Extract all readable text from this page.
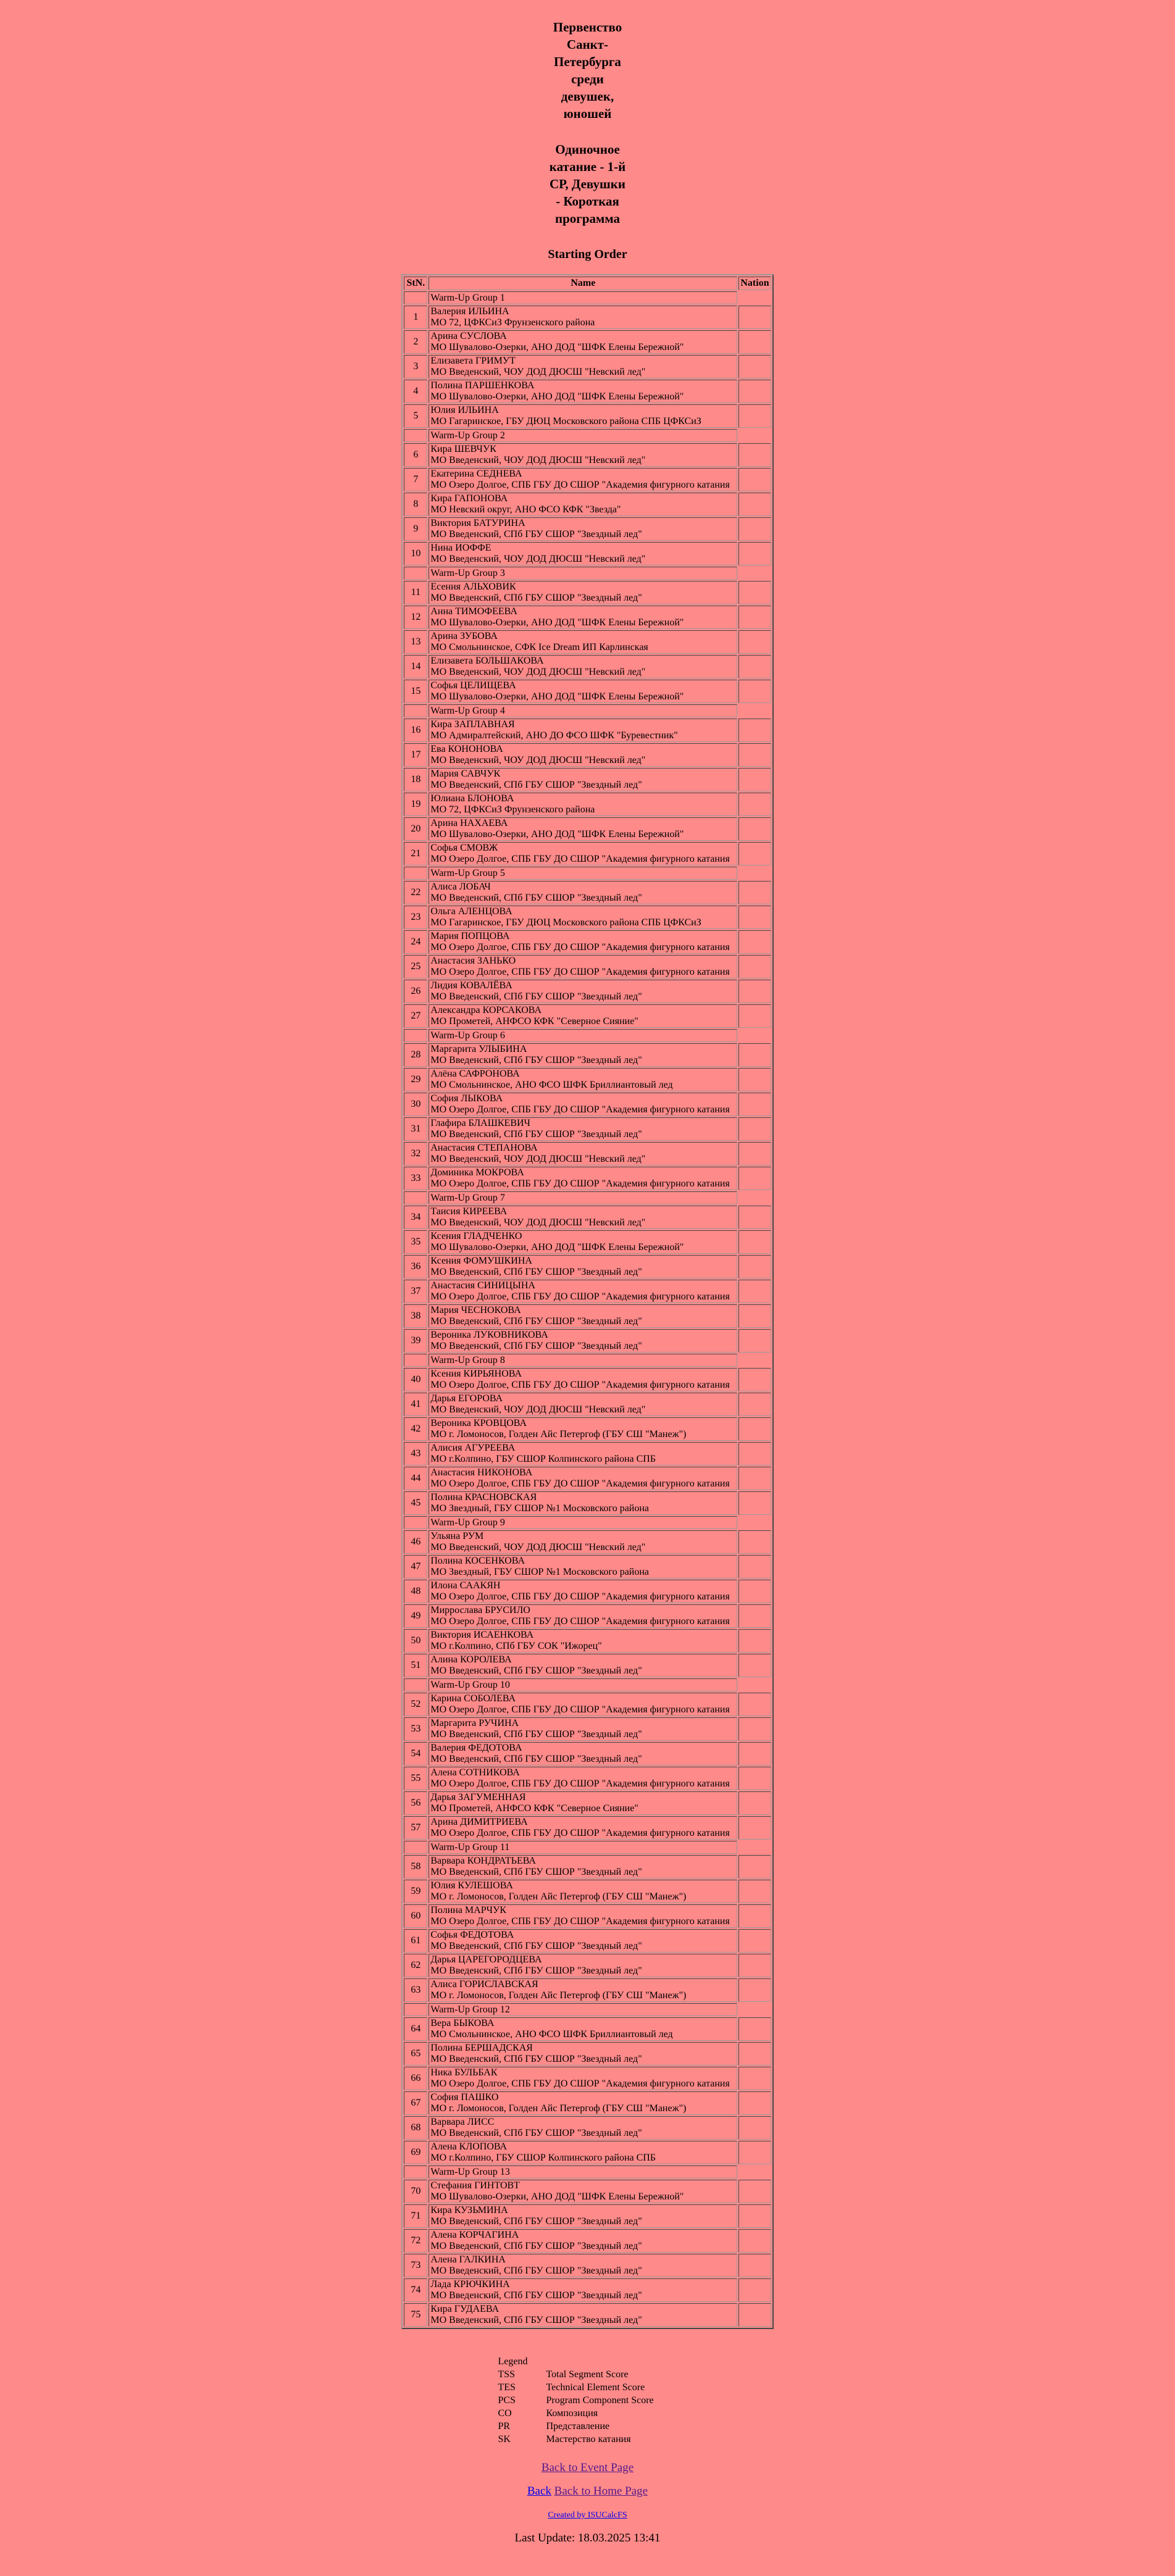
Первенство Санкт-Петербурга среди девушек, юношей
Одиночное катание - 1-й СР, Девушки - Короткая программа
Starting Order
StN.	Name	Nation
	Warm-Up Group 1	
1	Валерия ИЛЬИНА
МО 72, ЦФКСиЗ Фрунзенского района	

2	Арина СУСЛОВА
МО Шувалово-Озерки, АНО ДОД "ШФК Елены Бережной"	

3	Елизавета ГРИМУТ
МО Введенский, ЧОУ ДОД ДЮСШ "Невский лед"	

4	Полина ПАРШЕНКОВА
МО Шувалово-Озерки, АНО ДОД "ШФК Елены Бережной"	

5	Юлия ИЛЬИНА
МО Гагаринское, ГБУ ДЮЦ Московского района СПБ ЦФКСиЗ	

	Warm-Up Group 2	
6	Кира ШЕВЧУК
МО Введенский, ЧОУ ДОД ДЮСШ "Невский лед"	

7	Екатерина СЕДНЕВА
МО Озеро Долгое, СПБ ГБУ ДО СШОР "Академия фигурного катания	

8	Кира ГАПОНОВА
МО Невский округ, АНО ФСО КФК "Звезда"	

9	Виктория БАТУРИНА
МО Введенский, СПб ГБУ СШОР "Звездный лед"	

10	Нина ИОФФЕ
МО Введенский, ЧОУ ДОД ДЮСШ "Невский лед"	

	Warm-Up Group 3	
11	Есения АЛЬХОВИК
МО Введенский, СПб ГБУ СШОР "Звездный лед"	

12	Анна ТИМОФЕЕВА
МО Шувалово-Озерки, АНО ДОД "ШФК Елены Бережной"	

13	Арина ЗУБОВА
МО Смольнинское, СФК Ice Dream ИП Карлинская	

14	Елизавета БОЛЬШАКОВА
МО Введенский, ЧОУ ДОД ДЮСШ "Невский лед"	

15	Софья ЦЕЛИЩЕВА
МО Шувалово-Озерки, АНО ДОД "ШФК Елены Бережной"	

	Warm-Up Group 4	
16	Кира ЗАПЛАВНАЯ
МО Адмиралтейский, АНО ДО ФСО ШФК "Буревестник"	

17	Ева КОНОНОВА
МО Введенский, ЧОУ ДОД ДЮСШ "Невский лед"	

18	Мария САВЧУК
МО Введенский, СПб ГБУ СШОР "Звездный лед"	

19	Юлиана БЛОНОВА
МО 72, ЦФКСиЗ Фрунзенского района	

20	Арина НАХАЕВА
МО Шувалово-Озерки, АНО ДОД "ШФК Елены Бережной"	

21	Софья СМОВЖ
МО Озеро Долгое, СПБ ГБУ ДО СШОР "Академия фигурного катания	

	Warm-Up Group 5	
22	Алиса ЛОБАЧ
МО Введенский, СПб ГБУ СШОР "Звездный лед"	

23	Ольга АЛЕНЦОВА
МО Гагаринское, ГБУ ДЮЦ Московского района СПБ ЦФКСиЗ	

24	Мария ПОПЦОВА
МО Озеро Долгое, СПБ ГБУ ДО СШОР "Академия фигурного катания	

25	Анастасия ЗАНЬКО
МО Озеро Долгое, СПБ ГБУ ДО СШОР "Академия фигурного катания	

26	Лидия КОВАЛЁВА
МО Введенский, СПб ГБУ СШОР "Звездный лед"	

27	Александра КОРСАКОВА
МО Прометей, АНФСО КФК "Северное Сияние"	

	Warm-Up Group 6	
28	Маргарита УЛЫБИНА
МО Введенский, СПб ГБУ СШОР "Звездный лед"	

29	Алёна САФРОНОВА
МО Смольнинское, АНО ФСО ШФК Бриллиантовый лед	

30	София ЛЫКОВА
МО Озеро Долгое, СПБ ГБУ ДО СШОР "Академия фигурного катания	

31	Глафира БЛАШКЕВИЧ
МО Введенский, СПб ГБУ СШОР "Звездный лед"	

32	Анастасия СТЕПАНОВА
МО Введенский, ЧОУ ДОД ДЮСШ "Невский лед"	

33	Доминика МОКРОВА
МО Озеро Долгое, СПБ ГБУ ДО СШОР "Академия фигурного катания	

	Warm-Up Group 7	
34	Таисия КИРЕЕВА
МО Введенский, ЧОУ ДОД ДЮСШ "Невский лед"	

35	Ксения ГЛАДЧЕНКО
МО Шувалово-Озерки, АНО ДОД "ШФК Елены Бережной"	

36	Ксения ФОМУШКИНА
МО Введенский, СПб ГБУ СШОР "Звездный лед"	

37	Анастасия СИНИЦЫНА
МО Озеро Долгое, СПБ ГБУ ДО СШОР "Академия фигурного катания	

38	Мария ЧЕСНОКОВА
МО Введенский, СПб ГБУ СШОР "Звездный лед"	

39	Вероника ЛУКОВНИКОВА
МО Введенский, СПб ГБУ СШОР "Звездный лед"	

	Warm-Up Group 8	
40	Ксения КИРЬЯНОВА
МО Озеро Долгое, СПБ ГБУ ДО СШОР "Академия фигурного катания	

41	Дарья ЕГОРОВА
МО Введенский, ЧОУ ДОД ДЮСШ "Невский лед"	

42	Вероника КРОВЦОВА
МО г. Ломоносов, Голден Айс Петергоф (ГБУ СШ "Манеж")	

43	Алисия АГУРЕЕВА
МО г.Колпино, ГБУ СШОР Колпинского района СПБ	

44	Анастасия НИКОНОВА
МО Озеро Долгое, СПБ ГБУ ДО СШОР "Академия фигурного катания	

45	Полина КРАСНОВСКАЯ
МО Звездный, ГБУ СШОР №1 Московского района	

	Warm-Up Group 9	
46	Ульяна РУМ
МО Введенский, ЧОУ ДОД ДЮСШ "Невский лед"	

47	Полина КОСЕНКОВА
МО Звездный, ГБУ СШОР №1 Московского района	

48	Илона СААКЯН
МО Озеро Долгое, СПБ ГБУ ДО СШОР "Академия фигурного катания	

49	Миррослава БРУСИЛО
МО Озеро Долгое, СПБ ГБУ ДО СШОР "Академия фигурного катания	

50	Виктория ИСАЕНКОВА
МО г.Колпино, СПб ГБУ СОК "Ижорец"	

51	Алина КОРОЛЕВА
МО Введенский, СПб ГБУ СШОР "Звездный лед"	

	Warm-Up Group 10	
52	Карина СОБОЛЕВА
МО Озеро Долгое, СПБ ГБУ ДО СШОР "Академия фигурного катания	

53	Маргарита РУЧИНА
МО Введенский, СПб ГБУ СШОР "Звездный лед"	

54	Валерия ФЕДОТОВА
МО Введенский, СПб ГБУ СШОР "Звездный лед"	

55	Алена СОТНИКОВА
МО Озеро Долгое, СПБ ГБУ ДО СШОР "Академия фигурного катания	

56	Дарья ЗАГУМЕННАЯ
МО Прометей, АНФСО КФК "Северное Сияние"	

57	Арина ДИМИТРИЕВА
МО Озеро Долгое, СПБ ГБУ ДО СШОР "Академия фигурного катания	

	Warm-Up Group 11	
58	Варвара КОНДРАТЬЕВА
МО Введенский, СПб ГБУ СШОР "Звездный лед"	

59	Юлия КУЛЕШОВА
МО г. Ломоносов, Голден Айс Петергоф (ГБУ СШ "Манеж")	

60	Полина МАРЧУК
МО Озеро Долгое, СПБ ГБУ ДО СШОР "Академия фигурного катания	

61	Софья ФЕДОТОВА
МО Введенский, СПб ГБУ СШОР "Звездный лед"	

62	Дарья ЦАРЕГОРОДЦЕВА
МО Введенский, СПб ГБУ СШОР "Звездный лед"	

63	Алиса ГОРИСЛАВСКАЯ
МО г. Ломоносов, Голден Айс Петергоф (ГБУ СШ "Манеж")	

	Warm-Up Group 12	
64	Вера БЫКОВА
МО Смольнинское, АНО ФСО ШФК Бриллиантовый лед	

65	Полина БЕРШАДСКАЯ
МО Введенский, СПб ГБУ СШОР "Звездный лед"	

66	Ника БУЛЬБАК
МО Озеро Долгое, СПБ ГБУ ДО СШОР "Академия фигурного катания	

67	София ПАШКО
МО г. Ломоносов, Голден Айс Петергоф (ГБУ СШ "Манеж")	

68	Варвара ЛИСС
МО Введенский, СПб ГБУ СШОР "Звездный лед"	

69	Алена КЛОПОВА
МО г.Колпино, ГБУ СШОР Колпинского района СПБ	

	Warm-Up Group 13	
70	Стефания ГИНТОВТ
МО Шувалово-Озерки, АНО ДОД "ШФК Елены Бережной"	

71	Кира КУЗЬМИНА
МО Введенский, СПб ГБУ СШОР "Звездный лед"	

72	Алена КОРЧАГИНА
МО Введенский, СПб ГБУ СШОР "Звездный лед"	

73	Алена ГАЛКИНА
МО Введенский, СПб ГБУ СШОР "Звездный лед"	

74	Лада КРЮЧКИНА
МО Введенский, СПб ГБУ СШОР "Звездный лед"	

75	Кира ГУДАЕВА
МО Введенский, СПб ГБУ СШОР "Звездный лед"	

Legend	
TSS	Total Segment Score
TES	Technical Element Score
PCS	Program Component Score
CO	Композиция
PR	Представление
SK	Мастерство катания
Back to Event Page
Back Back to Home Page
Created by ISUCalcFS
Last Update: 18.03.2025 13:41
